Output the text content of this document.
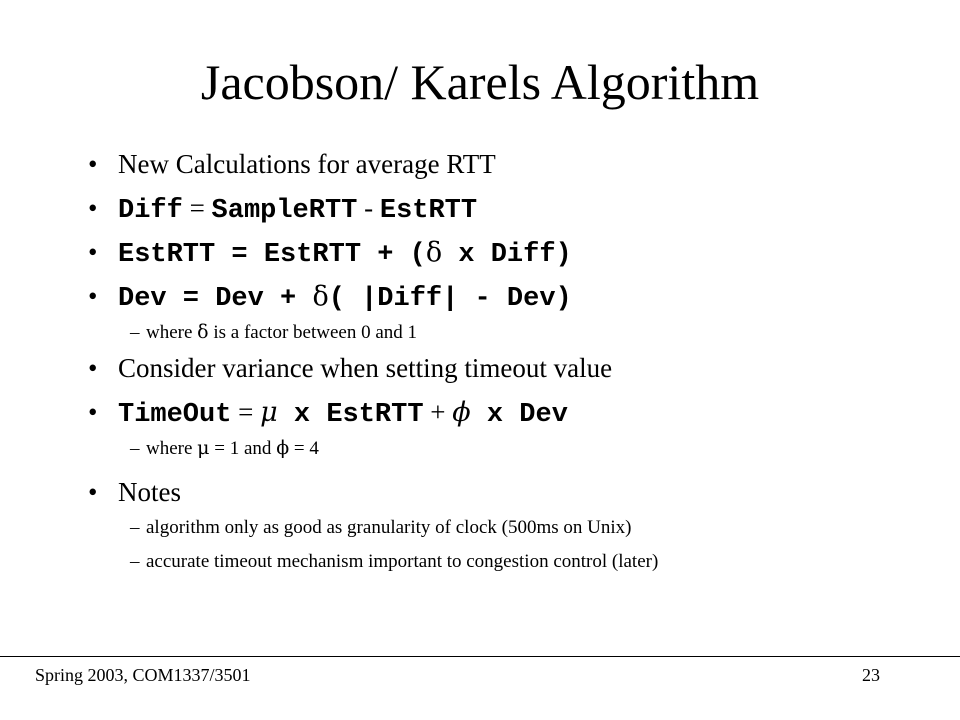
Jacobson/ Karels Algorithm
• New Calculations for average RTT
• Diff = SampleRTT - EstRTT
• EstRTT = EstRTT + (δ x Diff)
• Dev = Dev + δ( |Diff| - Dev)
– where δ is a factor between 0 and 1
• Consider variance when setting timeout value
• TimeOut = μ x EstRTT + ϕ x Dev
– where μ = 1 and ϕ = 4
• Notes
– algorithm only as good as granularity of clock (500ms on Unix)
– accurate timeout mechanism important to congestion control (later)
Spring 2003, COM1337/3501	23
